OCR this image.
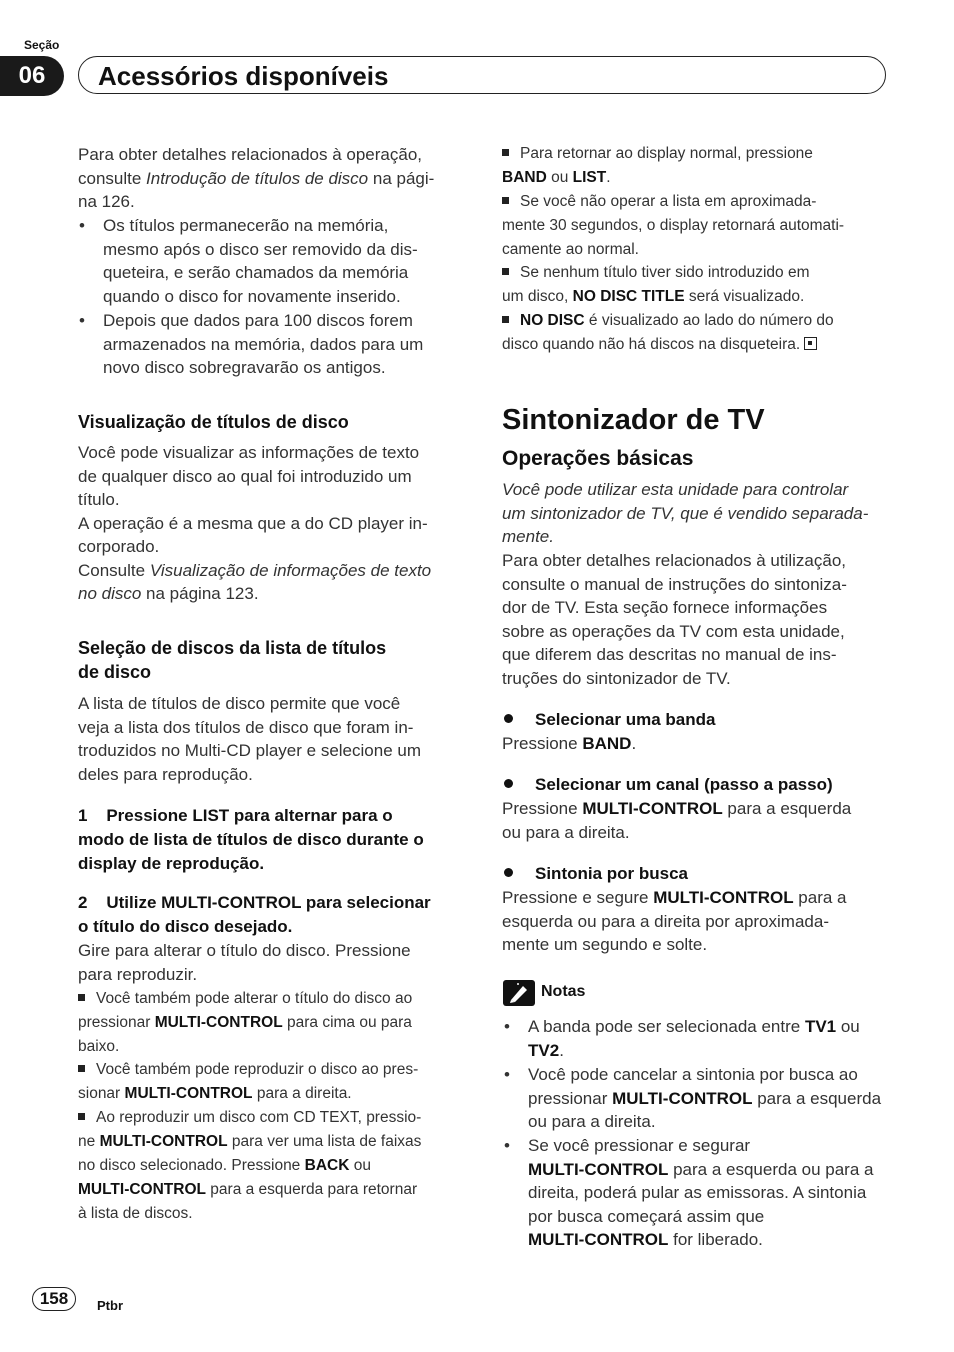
Seção
06	Acessórios disponíveis

Para obter detalhes relacionados à operação,
consulte Introdução de títulos de disco na pági-
na 126.

• Os títulos permanecerão na memória,
mesmo após o disco ser removido da dis-
queteira, e serão chamados da memória
quando o disco for novamente inserido.

• Depois que dados para 100 discos forem
armazenados na memória, dados para um
novo disco sobregravarão os antigos.

Visualização de títulos de disco

Você pode visualizar as informações de texto
de qualquer disco ao qual foi introduzido um
título.
A operação é a mesma que a do CD player in-
corporado.
Consulte Visualização de informações de texto
no disco na página 123.

Seleção de discos da lista de títulos
de disco

A lista de títulos de disco permite que você
veja a lista dos títulos de disco que foram in-
troduzidos no Multi-CD player e selecione um
deles para reprodução.

1    Pressione LIST para alternar para o
modo de lista de títulos de disco durante o
display de reprodução.

2    Utilize MULTI-CONTROL para selecionar
o título do disco desejado.

Gire para alterar o título do disco. Pressione
para reproduzir.

Você também pode alterar o título do disco ao
pressionar MULTI-CONTROL para cima ou para
baixo.

Você também pode reproduzir o disco ao pres-
sionar MULTI-CONTROL para a direita.

Ao reproduzir um disco com CD TEXT, pressio-
ne MULTI-CONTROL para ver uma lista de faixas
no disco selecionado. Pressione BACK ou
MULTI-CONTROL para a esquerda para retornar
à lista de discos.

Para retornar ao display normal, pressione
BAND ou LIST.

Se você não operar a lista em aproximada-
mente 30 segundos, o display retornará automati-
camente ao normal.

Se nenhum título tiver sido introduzido em
um disco, NO DISC TITLE será visualizado.

NO DISC é visualizado ao lado do número do
disco quando não há discos na disqueteira.

Sintonizador de TV
Operações básicas

Você pode utilizar esta unidade para controlar
um sintonizador de TV, que é vendido separada-
mente.

Para obter detalhes relacionados à utilização,
consulte o manual de instruções do sintoniza-
dor de TV. Esta seção fornece informações
sobre as operações da TV com esta unidade,
que diferem das descritas no manual de ins-
truções do sintonizador de TV.

Selecionar uma banda

Pressione BAND.

Selecionar um canal (passo a passo)

Pressione MULTI-CONTROL para a esquerda
ou para a direita.

Sintonia por busca

Pressione e segure MULTI-CONTROL para a
esquerda ou para a direita por aproximada-
mente um segundo e solte.

Notas

• A banda pode ser selecionada entre TV1 ou
TV2.

• Você pode cancelar a sintonia por busca ao
pressionar MULTI-CONTROL para a esquerda
ou para a direita.

• Se você pressionar e segurar
MULTI-CONTROL para a esquerda ou para a
direita, poderá pular as emissoras. A sintonia
por busca começará assim que
MULTI-CONTROL for liberado.

158	Ptbr
